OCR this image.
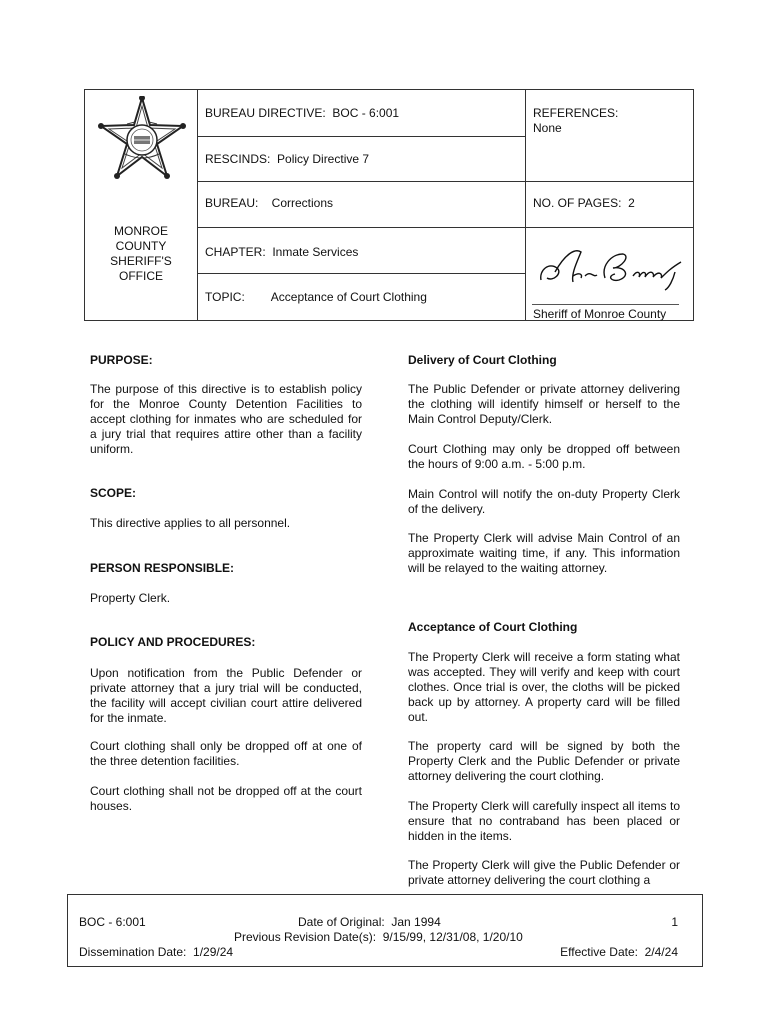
MONROE
COUNTY
SHERIFF'S
OFFICE
BUREAU DIRECTIVE:  BOC - 6:001
RESCINDS:  Policy Directive 7
BUREAU:    Corrections
CHAPTER:  Inmate Services
TOPIC:        Acceptance of Court Clothing
REFERENCES:
None
NO. OF PAGES:  2
Sheriff of Monroe County
PURPOSE:

The purpose of this directive is to establish policy for the Monroe County Detention Facilities to accept clothing for inmates who are scheduled for a jury trial that requires attire other than a facility uniform.

SCOPE:

This directive applies to all personnel.

PERSON RESPONSIBLE:

Property Clerk.

POLICY AND PROCEDURES:

Upon notification from the Public Defender or private attorney that a jury trial will be conducted, the facility will accept civilian court attire delivered for the inmate.

Court clothing shall only be dropped off at one of the three detention facilities.

Court clothing shall not be dropped off at the court houses.

Delivery of Court Clothing

The Public Defender or private attorney delivering the clothing will identify himself or herself to the Main Control Deputy/Clerk.

Court Clothing may only be dropped off between the hours of 9:00 a.m. - 5:00 p.m.

Main Control will notify the on-duty Property Clerk of the delivery.

The Property Clerk will advise Main Control of an approximate waiting time, if any. This information will be relayed to the waiting attorney.

Acceptance of Court Clothing

The Property Clerk will receive a form stating what was accepted. They will verify and keep with court clothes. Once trial is over, the cloths will be picked back up by attorney. A property card will be filled out.

The property card will be signed by both the Property Clerk and the Public Defender or private attorney delivering the court clothing.

The Property Clerk will carefully inspect all items to ensure that no contraband has been placed or hidden in the items.

The Property Clerk will give the Public Defender or private attorney delivering the court clothing a

BOC - 6:001	Date of Original:  Jan 1994	1
Previous Revision Date(s):  9/15/99, 12/31/08, 1/20/10
Dissemination Date:  1/29/24	Effective Date:  2/4/24
